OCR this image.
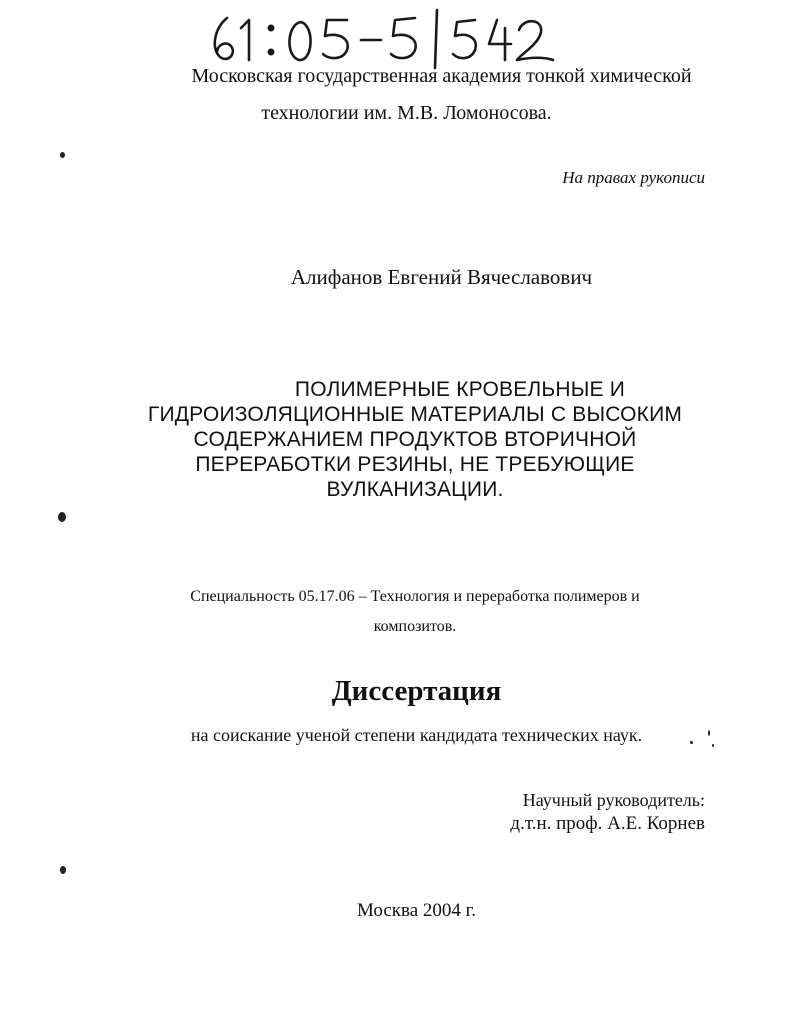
Московская государственная академия тонкой химической
технологии им. М.В. Ломоносова.
На правах рукописи
Алифанов Евгений Вячеславович
ПОЛИМЕРНЫЕ КРОВЕЛЬНЫЕ И
ГИДРОИЗОЛЯЦИОННЫЕ МАТЕРИАЛЫ С ВЫСОКИМ
СОДЕРЖАНИЕМ ПРОДУКТОВ ВТОРИЧНОЙ
ПЕРЕРАБОТКИ РЕЗИНЫ, НЕ ТРЕБУЮЩИЕ
ВУЛКАНИЗАЦИИ.
Специальность 05.17.06 – Технология и переработка полимеров и
композитов.
Диссертация
на соискание ученой степени кандидата технических наук.
Научный руководитель:
д.т.н. проф. А.Е. Корнев
Москва 2004 г.
